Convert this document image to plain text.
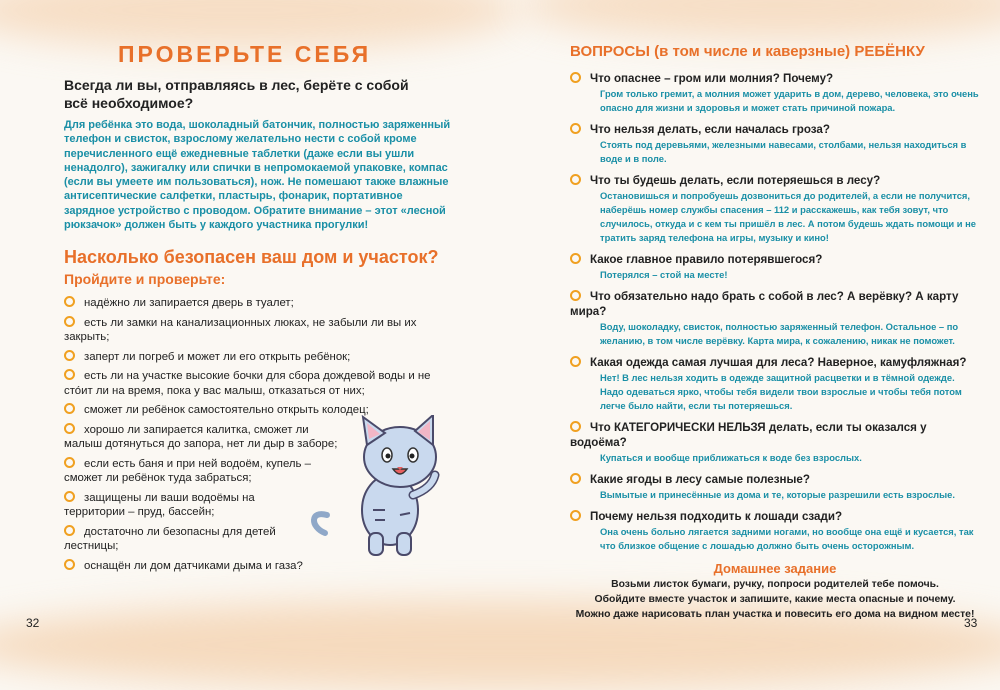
ПРОВЕРЬТЕ СЕБЯ
Всегда ли вы, отправляясь в лес, берёте с собой всё необходимое?
Для ребёнка это вода, шоколадный батончик, полностью заряженный телефон и свисток, взрослому желательно нести с собой кроме перечисленного ещё ежедневные таблетки (даже если вы ушли ненадолго), зажигалку или спички в непромокаемой упаковке, компас (если вы умеете им пользоваться), нож. Не помешают также влажные антисептические салфетки, пластырь, фонарик, портативное зарядное устройство с проводом. Обратите внимание – этот «лесной рюкзачок» должен быть у каждого участника прогулки!
Насколько безопасен ваш дом и участок?
Пройдите и проверьте:
надёжно ли запирается дверь в туалет;
есть ли замки на канализационных люках, не забыли ли вы их закрыть;
заперт ли погреб и может ли его открыть ребёнок;
есть ли на участке высокие бочки для сбора дождевой воды и не сто́ит ли на время, пока у вас малыш, отказаться от них;
сможет ли ребёнок самостоятельно открыть колодец;
хорошо ли запирается калитка, сможет ли малыш дотянуться до запора, нет ли дыр в заборе;
если есть баня и при ней водоём, купель – сможет ли ребёнок туда забраться;
защищены ли ваши водоёмы на территории – пруд, бассейн;
достаточно ли безопасны для детей лестницы;
оснащён ли дом датчиками дыма и газа?
32
ВОПРОСЫ (в том числе и каверзные) РЕБЁНКУ
Что опаснее – гром или молния? Почему?
Гром только гремит, а молния может ударить в дом, дерево, человека, это очень опасно для жизни и здоровья и может стать причиной пожара.
Что нельзя делать, если началась гроза?
Стоять под деревьями, железными навесами, столбами, нельзя находиться в воде и в поле.
Что ты будешь делать, если потеряешься в лесу?
Остановишься и попробуешь дозвониться до родителей, а если не получится, наберёшь номер службы спасения – 112 и расскажешь, как тебя зовут, что случилось, откуда и с кем ты пришёл в лес. А потом будешь ждать помощи и не тратить заряд телефона на игры, музыку и кино!
Какое главное правило потерявшегося?
Потерялся – стой на месте!
Что обязательно надо брать с собой в лес? А верёвку? А карту мира?
Воду, шоколадку, свисток, полностью заряженный телефон. Остальное – по желанию, в том числе верёвку. Карта мира, к сожалению, никак не поможет.
Какая одежда самая лучшая для леса? Наверное, камуфляжная?
Нет! В лес нельзя ходить в одежде защитной расцветки и в тёмной одежде. Надо одеваться ярко, чтобы тебя видели твои взрослые и чтобы тебя потом легче было найти, если ты потеряешься.
Что КАТЕГОРИЧЕСКИ НЕЛЬЗЯ делать, если ты оказался у водоёма?
Купаться и вообще приближаться к воде без взрослых.
Какие ягоды в лесу самые полезные?
Вымытые и принесённые из дома и те, которые разрешили есть взрослые.
Почему нельзя подходить к лошади сзади?
Она очень больно лягается задними ногами, но вообще она ещё и кусается, так что близкое общение с лошадью должно быть очень осторожным.
Домашнее задание
Возьми листок бумаги, ручку, попроси родителей тебе помочь.
Обойдите вместе участок и запишите, какие места опасные и почему.
Можно даже нарисовать план участка и повесить его дома на видном месте!
33
